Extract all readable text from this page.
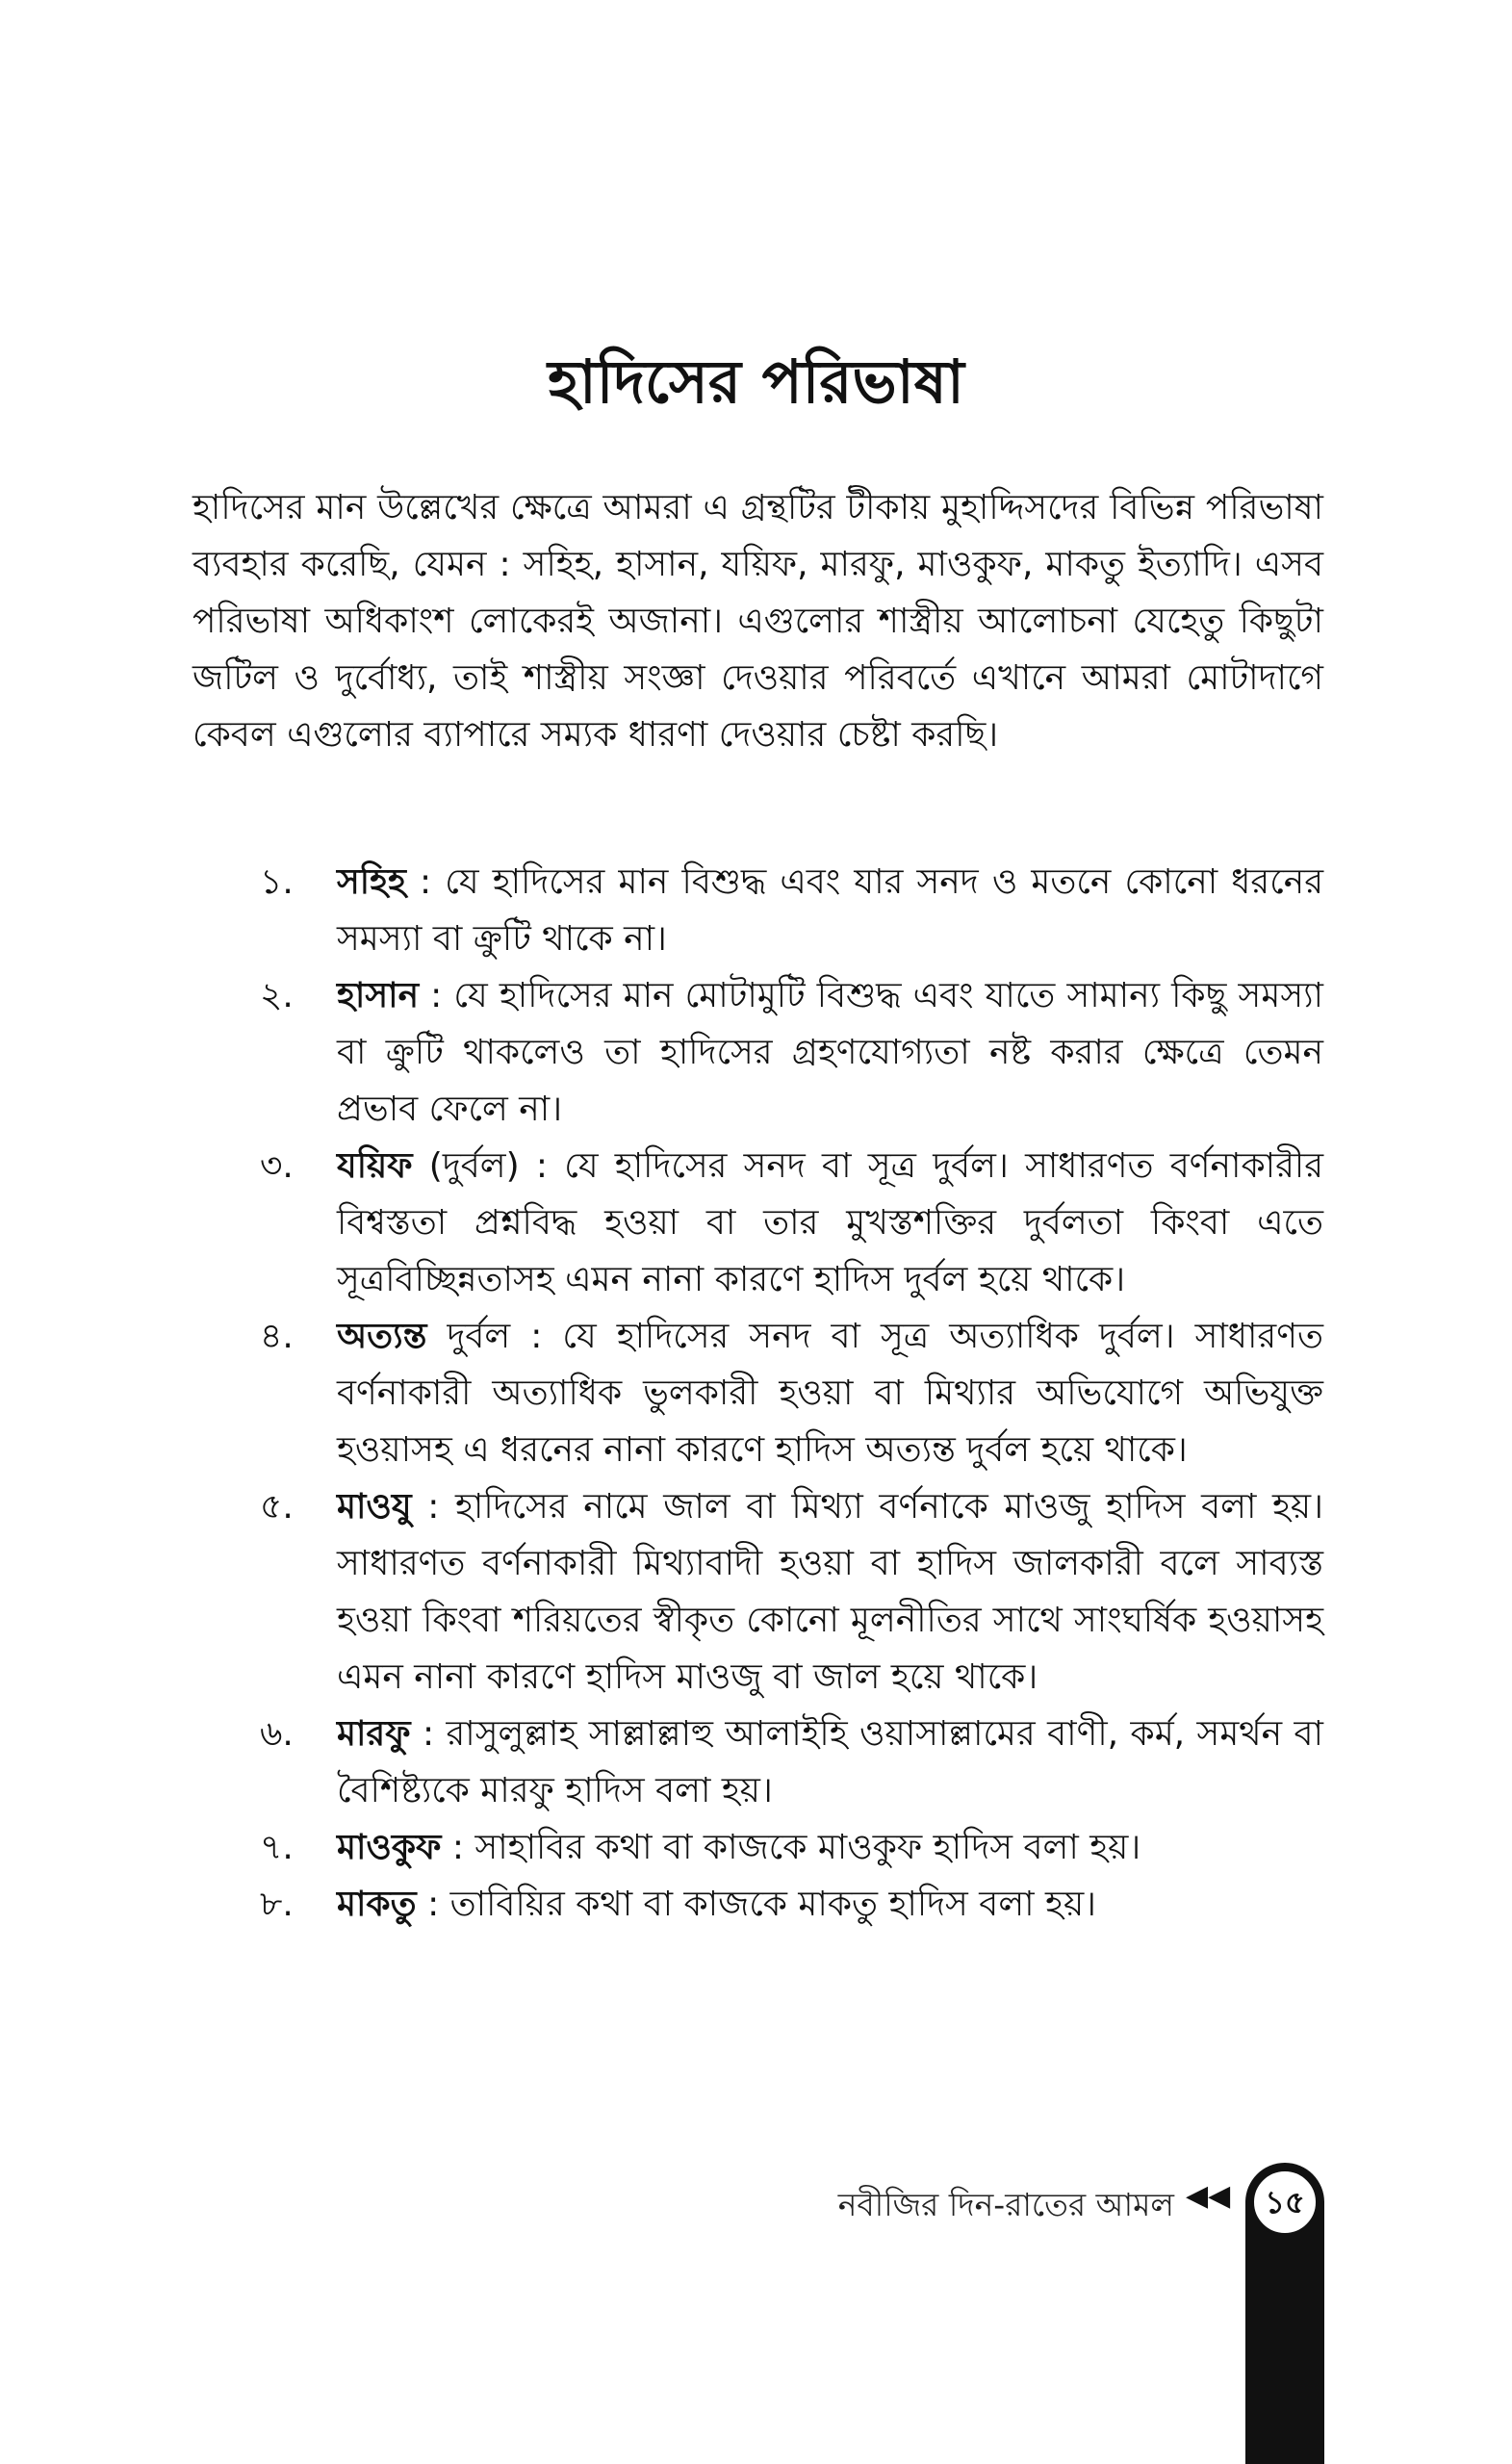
হাদিসের পরিভাষা

হাদিসের মান উল্লেখের ক্ষেত্রে আমরা এ গ্রন্থটির টীকায় মুহাদ্দিসদের বিভিন্ন পরিভাষা ব্যবহার করেছি, যেমন : সহিহ, হাসান, যয়িফ, মারফু, মাওকুফ, মাকতু ইত্যাদি। এসব পরিভাষা অধিকাংশ লোকেরই অজানা। এগুলোর শাস্ত্রীয় আলোচনা যেহেতু কিছুটা জটিল ও দুর্বোধ্য, তাই শাস্ত্রীয় সংজ্ঞা দেওয়ার পরিবর্তে এখানে আমরা মোটাদাগে কেবল এগুলোর ব্যাপারে সম্যক ধারণা দেওয়ার চেষ্টা করছি।

১.	সহিহ : যে হাদিসের মান বিশুদ্ধ এবং যার সনদ ও মতনে কোনো ধরনের সমস্যা বা ক্রুটি থাকে না।
২.	হাসান : যে হাদিসের মান মোটামুটি বিশুদ্ধ এবং যাতে সামান্য কিছু সমস্যা বা ক্রুটি থাকলেও তা হাদিসের গ্রহণযোগ্যতা নষ্ট করার ক্ষেত্রে তেমন প্রভাব ফেলে না।
৩.	যয়িফ (দুর্বল) : যে হাদিসের সনদ বা সূত্র দুর্বল। সাধারণত বর্ণনাকারীর বিশ্বস্ততা প্রশ্নবিদ্ধ হওয়া বা তার মুখস্তশক্তির দুর্বলতা কিংবা এতে সূত্রবিচ্ছিন্নতাসহ এমন নানা কারণে হাদিস দুর্বল হয়ে থাকে।
৪.	অত্যন্ত দুর্বল : যে হাদিসের সনদ বা সূত্র অত্যাধিক দুর্বল। সাধারণত বর্ণনাকারী অত্যাধিক ভুলকারী হওয়া বা মিথ্যার অভিযোগে অভিযুক্ত হওয়াসহ এ ধরনের নানা কারণে হাদিস অত্যন্ত দুর্বল হয়ে থাকে।
৫.	মাওযু : হাদিসের নামে জাল বা মিথ্যা বর্ণনাকে মাওজু হাদিস বলা হয়। সাধারণত বর্ণনাকারী মিথ্যাবাদী হওয়া বা হাদিস জালকারী বলে সাব্যস্ত হওয়া কিংবা শরিয়তের স্বীকৃত কোনো মূলনীতির সাথে সাংঘর্ষিক হওয়াসহ এমন নানা কারণে হাদিস মাওজু বা জাল হয়ে থাকে।
৬.	মারফু : রাসুলুল্লাহ সাল্লাল্লাহু আলাইহি ওয়াসাল্লামের বাণী, কর্ম, সমর্থন বা বৈশিষ্ট্যকে মারফু হাদিস বলা হয়।
৭.	মাওকুফ : সাহাবির কথা বা কাজকে মাওকুফ হাদিস বলা হয়।
৮.	মাকতু : তাবিয়ির কথা বা কাজকে মাকতু হাদিস বলা হয়।
নবীজির দিন-রাতের আমল ◀◀	১৫
